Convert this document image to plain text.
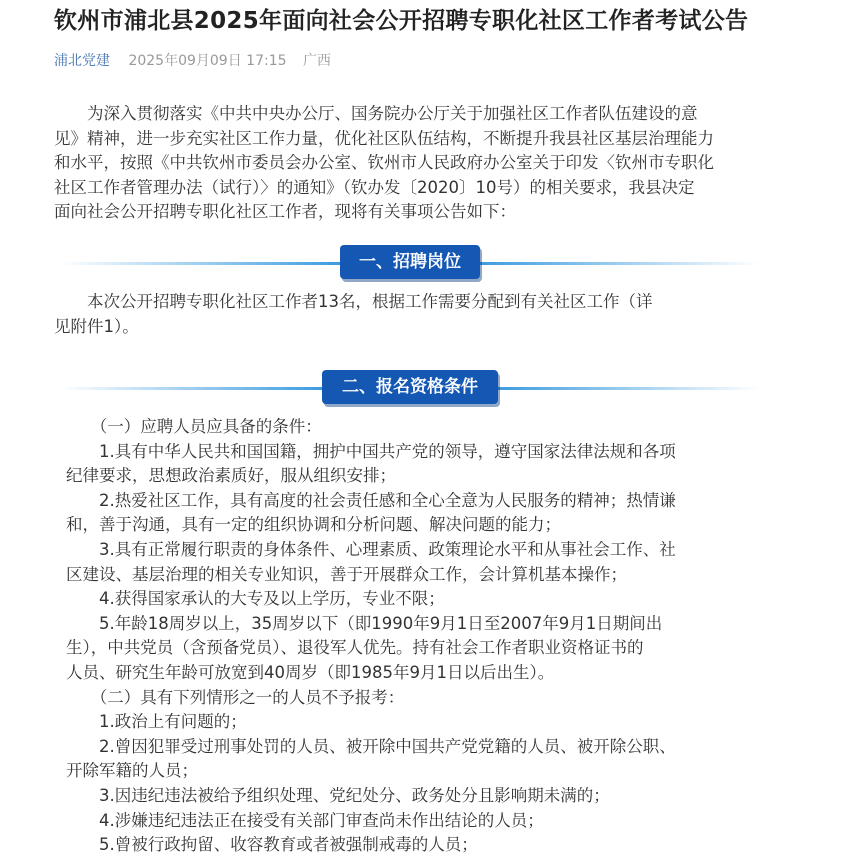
钦州市浦北县2025年面向社会公开招聘专职化社区工作者考试公告
浦北党建 2025年09月09日 17:15 广西
　　为深入贯彻落实《中共中央办公厅、国务院办公厅关于加强社区工作者队伍建设的意
见》精神，进一步充实社区工作力量，优化社区队伍结构，不断提升我县社区基层治理能力
和水平，按照《中共钦州市委员会办公室、钦州市人民政府办公室关于印发〈钦州市专职化
社区工作者管理办法（试行）〉的通知》（钦办发〔2020〕10号）的相关要求，我县决定
面向社会公开招聘专职化社区工作者，现将有关事项公告如下：
一、招聘岗位
　　本次公开招聘专职化社区工作者13名，根据工作需要分配到有关社区工作（详
见附件1）。
二、报名资格条件
　　（一）应聘人员应具备的条件：
　　1.具有中华人民共和国国籍，拥护中国共产党的领导，遵守国家法律法规和各项
纪律要求，思想政治素质好，服从组织安排；
　　2.热爱社区工作，具有高度的社会责任感和全心全意为人民服务的精神；热情谦
和，善于沟通，具有一定的组织协调和分析问题、解决问题的能力；
　　3.具有正常履行职责的身体条件、心理素质、政策理论水平和从事社会工作、社
区建设、基层治理的相关专业知识，善于开展群众工作，会计算机基本操作；
　　4.获得国家承认的大专及以上学历，专业不限；
　　5.年龄18周岁以上，35周岁以下（即1990年9月1日至2007年9月1日期间出
生），中共党员（含预备党员）、退役军人优先。持有社会工作者职业资格证书的
人员、研究生年龄可放宽到40周岁（即1985年9月1日以后出生）。
　　（二）具有下列情形之一的人员不予报考：
　　1.政治上有问题的；
　　2.曾因犯罪受过刑事处罚的人员、被开除中国共产党党籍的人员、被开除公职、
开除军籍的人员；
　　3.因违纪违法被给予组织处理、党纪处分、政务处分且影响期未满的；
　　4.涉嫌违纪违法正在接受有关部门审查尚未作出结论的人员；
　　5.曾被行政拘留、收容教育或者被强制戒毒的人员；
